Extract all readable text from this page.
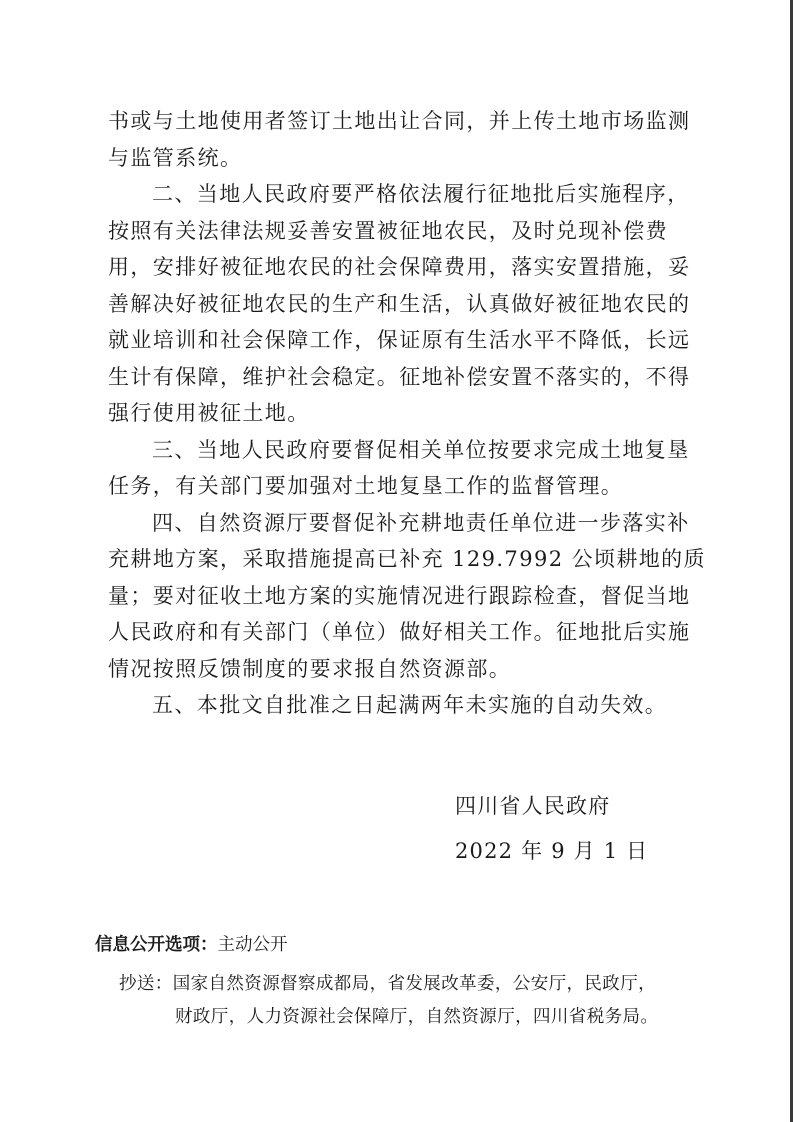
书或与土地使用者签订土地出让合同，并上传土地市场监测与监管系统。

二、当地人民政府要严格依法履行征地批后实施程序，按照有关法律法规妥善安置被征地农民，及时兑现补偿费用，安排好被征地农民的社会保障费用，落实安置措施，妥善解决好被征地农民的生产和生活，认真做好被征地农民的就业培训和社会保障工作，保证原有生活水平不降低，长远生计有保障，维护社会稳定。征地补偿安置不落实的，不得强行使用被征土地。

三、当地人民政府要督促相关单位按要求完成土地复垦任务，有关部门要加强对土地复垦工作的监督管理。

四、自然资源厅要督促补充耕地责任单位进一步落实补充耕地方案，采取措施提高已补充 129.7992 公顷耕地的质量；要对征收土地方案的实施情况进行跟踪检查，督促当地人民政府和有关部门（单位）做好相关工作。征地批后实施情况按照反馈制度的要求报自然资源部。

五、本批文自批准之日起满两年未实施的自动失效。

四川省人民政府

2022 年 9 月 1 日

信息公开选项：主动公开

抄送：国家自然资源督察成都局，省发展改革委，公安厅，民政厅，
财政厅，人力资源社会保障厅，自然资源厅，四川省税务局。
